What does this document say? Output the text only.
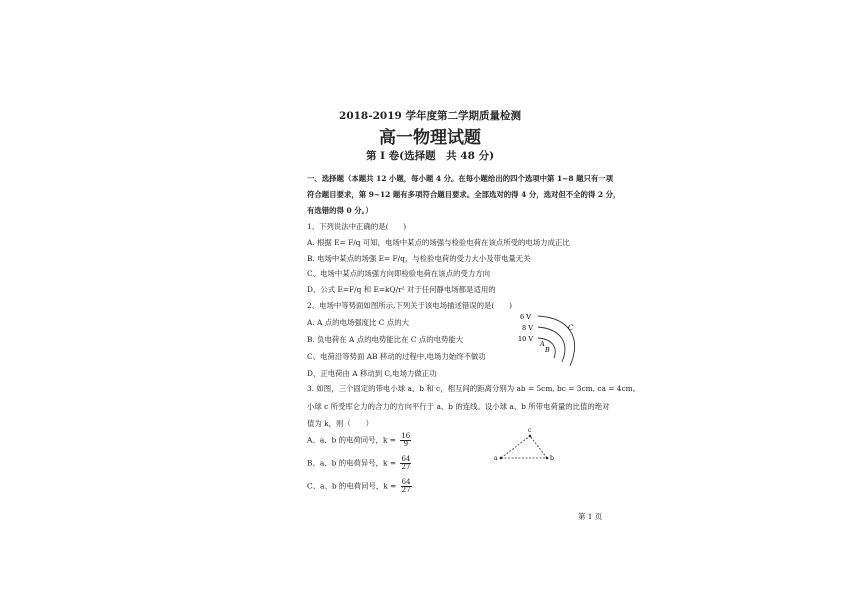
2018-2019 学年度第二学期质量检测
高一物理试题
第 Ⅰ 卷(选择题　共 48 分)
一、选择题（本题共 12 小题，每小题 4 分。在每小题给出的四个选项中第 1~8 题只有一项
符合题目要求，第 9~12 题有多项符合题目要求。全部选对的得 4 分，选对但不全的得 2 分，
有选错的得 0 分。）
1、下列说法中正确的是(　　)
A. 根据 E= F/q 可知，电场中某点的场强与检验电荷在该点所受的电场力成正比
B. 电场中某点的场强 E= F/q，与检验电荷的受力大小及带电量无关
C、电场中某点的场强方向即检验电荷在该点的受力方向
D、公式 E=F/q 和 E=kQ/r² 对于任何静电场都是适用的
2、电场中等势面如图所示,下列关于该电场描述错误的是(　　)
A. A 点的电场强度比 C 点的大
B. 负电荷在 A 点的电势能比在 C 点的电势能大
C、电荷沿等势面 AB 移动的过程中,电场力始终不做功
D、正电荷由 A 移动到 C,电场力做正功
6 V
8 V
10 V
C
A
B
3. 如图，三个固定的带电小球 a、b 和 c，相互间的距离分别为 ab = 5cm, bc = 3cm, ca = 4cm。
小球 c 所受库仑力的合力的方向平行于 a、b 的连线。设小球 a、b 所带电荷量的比值的绝对
值为 k，则（　　）
A、a、b 的电荷同号，$k = \frac{16}{9}$
B、a、b 的电荷异号，$k = \frac{64}{27}$
C、a、b 的电荷同号，$k = \frac{64}{27}$
a	b
c
第 1 页
